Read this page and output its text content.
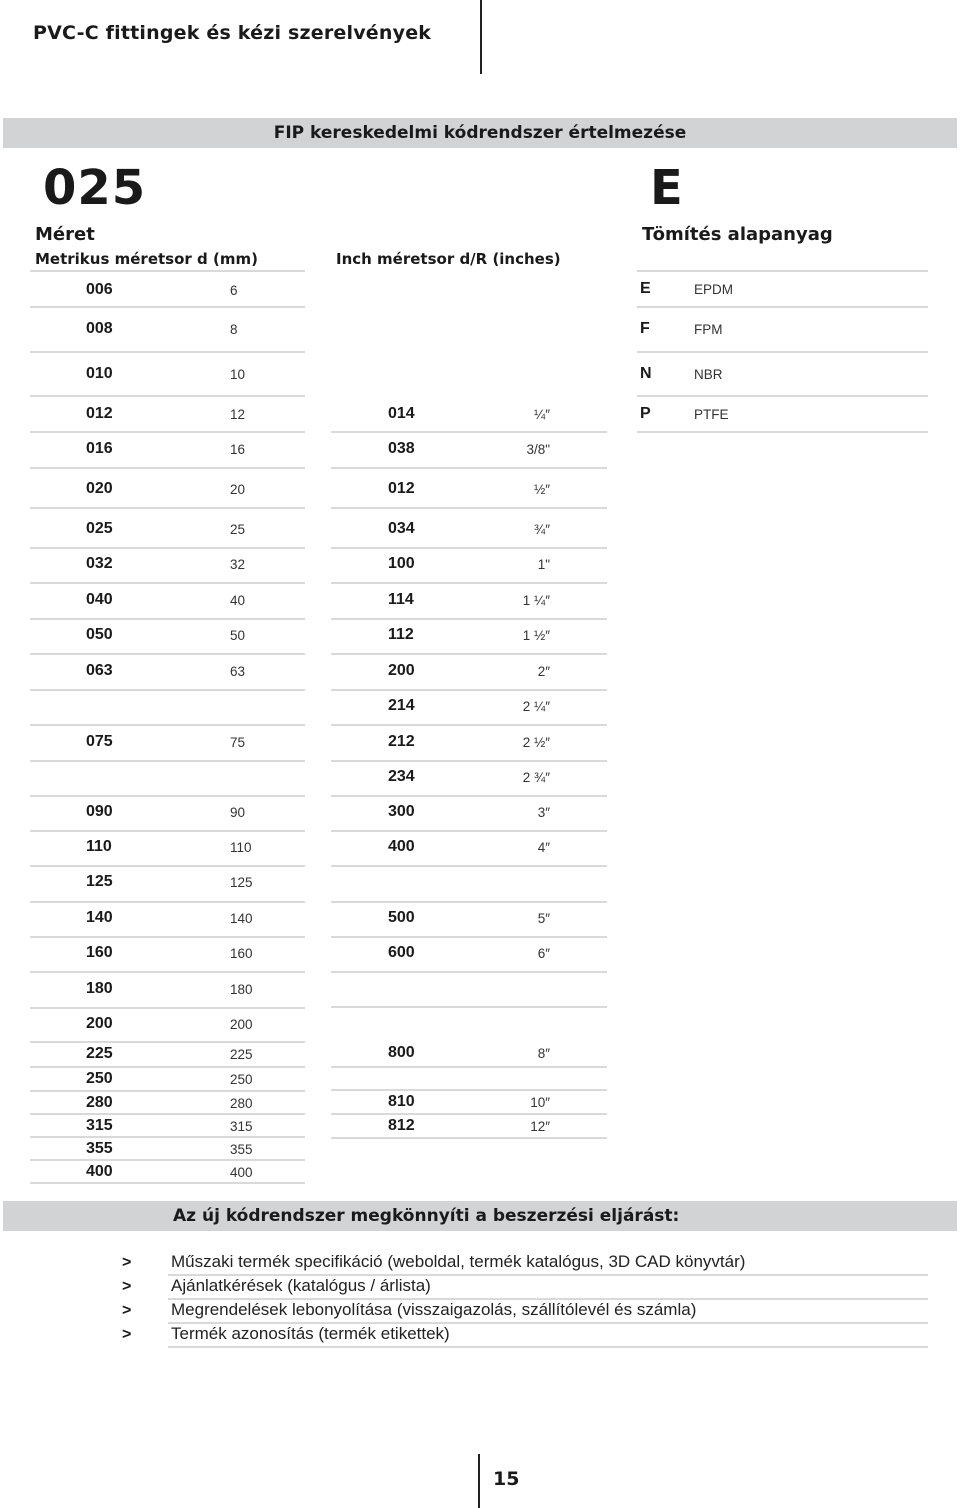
PVC-C fittingek és kézi szerelvények
FIP kereskedelmi kódrendszer értelmezése
025
Méret
Metrikus méretsor d (mm)	Inch méretsor d/R (inches)
E
Tömítés alapanyag
006	6
008	8
010	10
012	12
016	16
020	20
025	25
032	32
040	40
050	50
063	63
075	75
090	90
110	110
125	125
140	140
160	160
180	180
200	200
225	225
250	250
280	280
315	315
355	355
400	400
014	¼″
038	3/8"
012	½″
034	¾″
100	1"
114	1 ¼″
112	1 ½″
200	2″
214	2 ¼″
212	2 ½″
234	2 ¾″
300	3″
400	4″
500	5″
600	6″
800	8″
810	10″
812	12″
E	EPDM
F	FPM
N	NBR
P	PTFE
Az új kódrendszer megkönnyíti a beszerzési eljárást:
> Műszaki termék specifikáció (weboldal, termék katalógus, 3D CAD könyvtár)
> Ajánlatkérések (katalógus / árlista)
> Megrendelések lebonyolítása (visszaigazolás, szállítólevél és számla)
> Termék azonosítás (termék etikettek)
15
